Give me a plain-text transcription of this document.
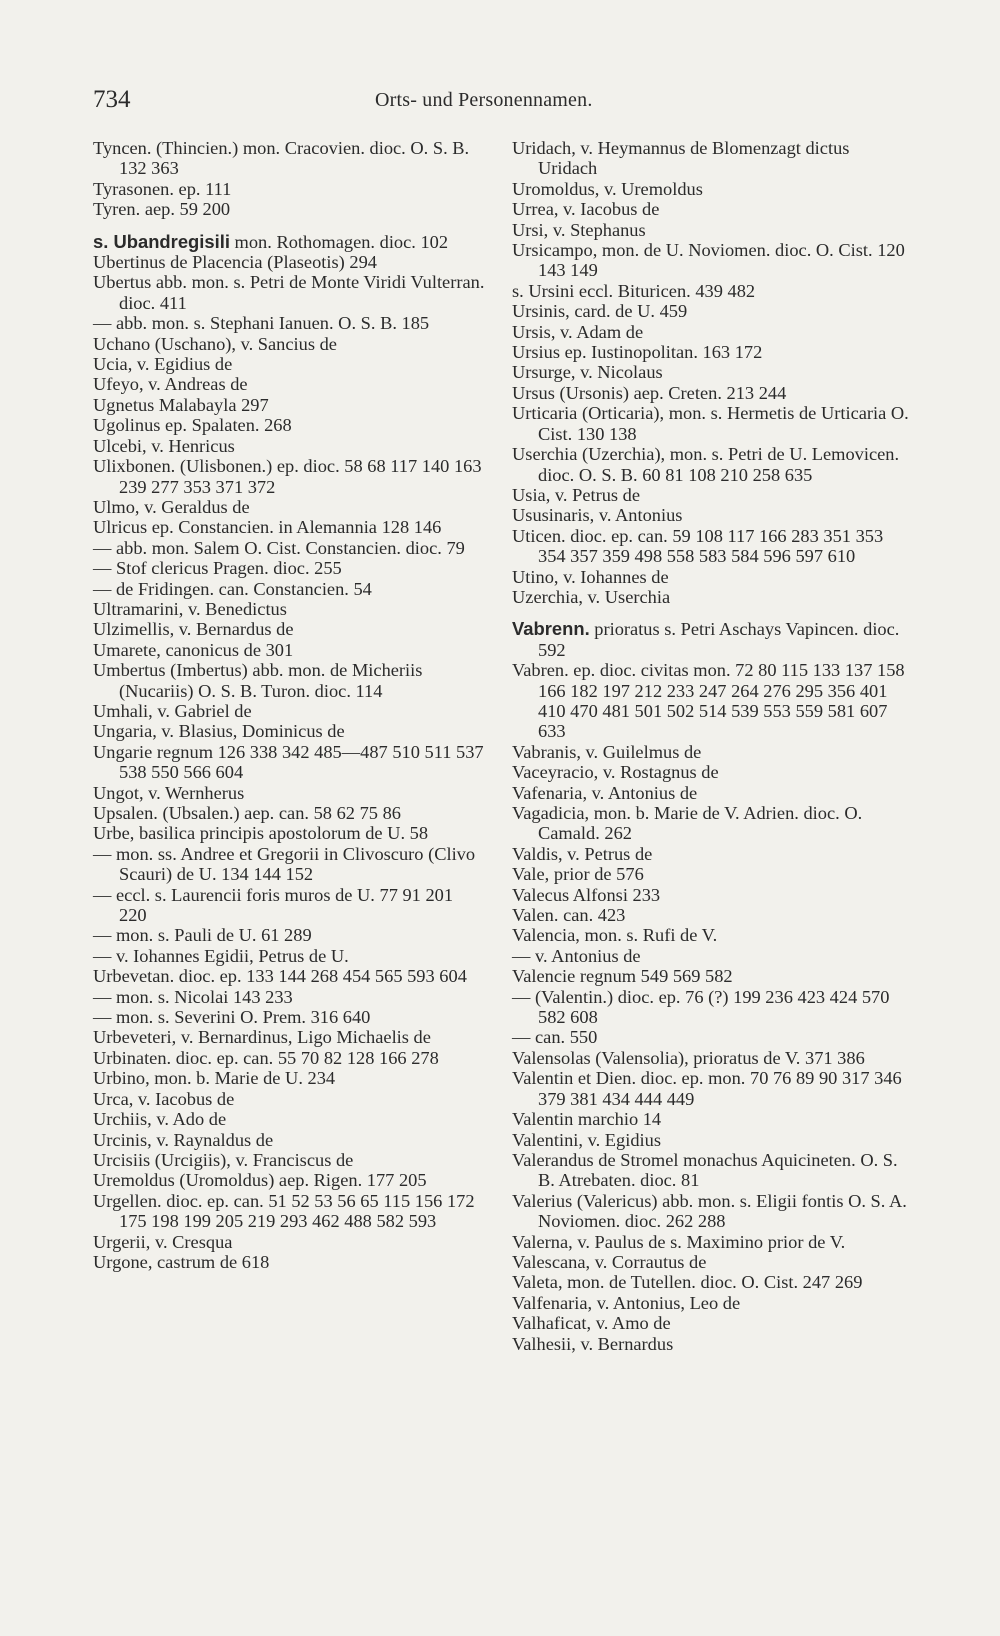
734	Orts- und Personennamen.
Tyncen. (Thincien.) mon. Cracovien. dioc. O. S. B. 132 363
Tyrasonen. ep. 111
Tyren. aep. 59 200
s. Ubandregisili mon. Rothomagen. dioc. 102
Ubertinus de Placencia (Plaseotis) 294
Ubertus abb. mon. s. Petri de Monte Viridi Vulterran. dioc. 411
— abb. mon. s. Stephani Ianuen. O. S. B. 185
Uchano (Uschano), v. Sancius de
Ucia, v. Egidius de
Ufeyo, v. Andreas de
Ugnetus Malabayla 297
Ugolinus ep. Spalaten. 268
Ulcebi, v. Henricus
Ulixbonen. (Ulisbonen.) ep. dioc. 58 68 117 140 163 239 277 353 371 372
Ulmo, v. Geraldus de
Ulricus ep. Constancien. in Alemannia 128 146
— abb. mon. Salem O. Cist. Constancien. dioc. 79
— Stof clericus Pragen. dioc. 255
— de Fridingen. can. Constancien. 54
Ultramarini, v. Benedictus
Ulzimellis, v. Bernardus de
Umarete, canonicus de 301
Umbertus (Imbertus) abb. mon. de Micheriis (Nucariis) O. S. B. Turon. dioc. 114
Umhali, v. Gabriel de
Ungaria, v. Blasius, Dominicus de
Ungarie regnum 126 338 342 485—487 510 511 537 538 550 566 604
Ungot, v. Wernherus
Upsalen. (Ubsalen.) aep. can. 58 62 75 86
Urbe, basilica principis apostolorum de U. 58
— mon. ss. Andree et Gregorii in Clivoscuro (Clivo Scauri) de U. 134 144 152
— eccl. s. Laurencii foris muros de U. 77 91 201 220
— mon. s. Pauli de U. 61 289
— v. Iohannes Egidii, Petrus de U.
Urbevetan. dioc. ep. 133 144 268 454 565 593 604
— mon. s. Nicolai 143 233
— mon. s. Severini O. Prem. 316 640
Urbeveteri, v. Bernardinus, Ligo Michaelis de
Urbinaten. dioc. ep. can. 55 70 82 128 166 278
Urbino, mon. b. Marie de U. 234
Urca, v. Iacobus de
Urchiis, v. Ado de
Urcinis, v. Raynaldus de
Urcisiis (Urcigiis), v. Franciscus de
Uremoldus (Uromoldus) aep. Rigen. 177 205
Urgellen. dioc. ep. can. 51 52 53 56 65 115 156 172 175 198 199 205 219 293 462 488 582 593
Urgerii, v. Cresqua
Urgone, castrum de 618
Uridach, v. Heymannus de Blomenzagt dictus Uridach
Uromoldus, v. Uremoldus
Urrea, v. Iacobus de
Ursi, v. Stephanus
Ursicampo, mon. de U. Noviomen. dioc. O. Cist. 120 143 149
s. Ursini eccl. Bituricen. 439 482
Ursinis, card. de U. 459
Ursis, v. Adam de
Ursius ep. Iustinopolitan. 163 172
Ursurge, v. Nicolaus
Ursus (Ursonis) aep. Creten. 213 244
Urticaria (Orticaria), mon. s. Hermetis de Urticaria O. Cist. 130 138
Userchia (Uzerchia), mon. s. Petri de U. Lemovicen. dioc. O. S. B. 60 81 108 210 258 635
Usia, v. Petrus de
Ususinaris, v. Antonius
Uticen. dioc. ep. can. 59 108 117 166 283 351 353 354 357 359 498 558 583 584 596 597 610
Utino, v. Iohannes de
Uzerchia, v. Userchia
Vabrenn. prioratus s. Petri Aschays Vapincen. dioc. 592
Vabren. ep. dioc. civitas mon. 72 80 115 133 137 158 166 182 197 212 233 247 264 276 295 356 401 410 470 481 501 502 514 539 553 559 581 607 633
Vabranis, v. Guilelmus de
Vaceyracio, v. Rostagnus de
Vafenaria, v. Antonius de
Vagadicia, mon. b. Marie de V. Adrien. dioc. O. Camald. 262
Valdis, v. Petrus de
Vale, prior de 576
Valecus Alfonsi 233
Valen. can. 423
Valencia, mon. s. Rufi de V.
— v. Antonius de
Valencie regnum 549 569 582
— (Valentin.) dioc. ep. 76 (?) 199 236 423 424 570 582 608
— can. 550
Valensolas (Valensolia), prioratus de V. 371 386
Valentin et Dien. dioc. ep. mon. 70 76 89 90 317 346 379 381 434 444 449
Valentin marchio 14
Valentini, v. Egidius
Valerandus de Stromel monachus Aquicineten. O. S. B. Atrebaten. dioc. 81
Valerius (Valericus) abb. mon. s. Eligii fontis O. S. A. Noviomen. dioc. 262 288
Valerna, v. Paulus de s. Maximino prior de V.
Valescana, v. Corrautus de
Valeta, mon. de Tutellen. dioc. O. Cist. 247 269
Valfenaria, v. Antonius, Leo de
Valhaficat, v. Amo de
Valhesii, v. Bernardus
